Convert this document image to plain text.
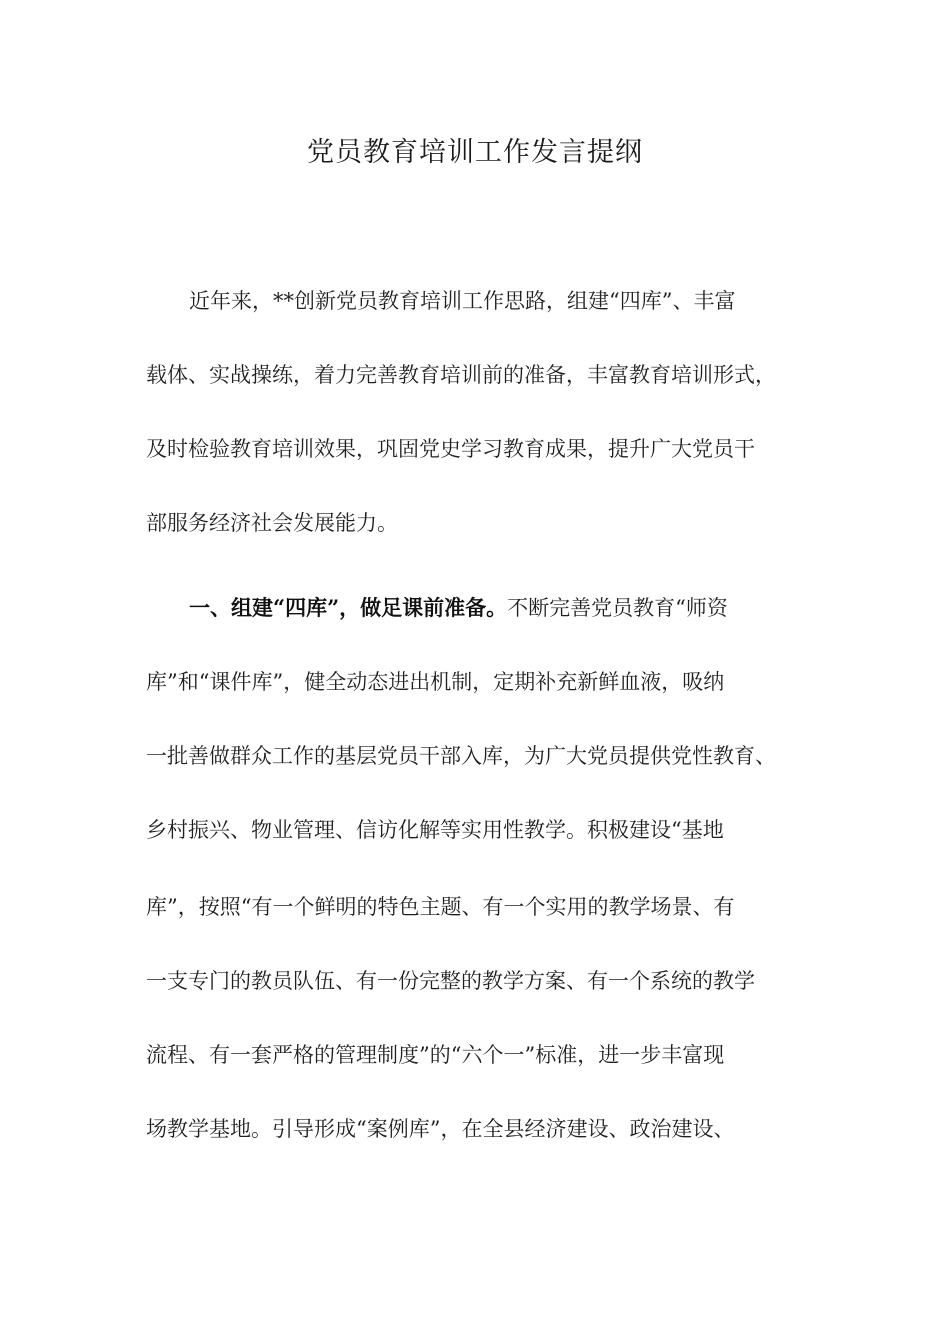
党员教育培训工作发言提纲
近年来，**创新党员教育培训工作思路，组建“四库”、丰富
载体、实战操练，着力完善教育培训前的准备，丰富教育培训形式，
及时检验教育培训效果，巩固党史学习教育成果，提升广大党员干
部服务经济社会发展能力。
一、组建“四库”，做足课前准备。不断完善党员教育“师资
库”和“课件库”，健全动态进出机制，定期补充新鲜血液，吸纳
一批善做群众工作的基层党员干部入库，为广大党员提供党性教育、
乡村振兴、物业管理、信访化解等实用性教学。积极建设“基地
库”，按照“有一个鲜明的特色主题、有一个实用的教学场景、有
一支专门的教员队伍、有一份完整的教学方案、有一个系统的教学
流程、有一套严格的管理制度”的“六个一”标准，进一步丰富现
场教学基地。引导形成“案例库”，在全县经济建设、政治建设、
